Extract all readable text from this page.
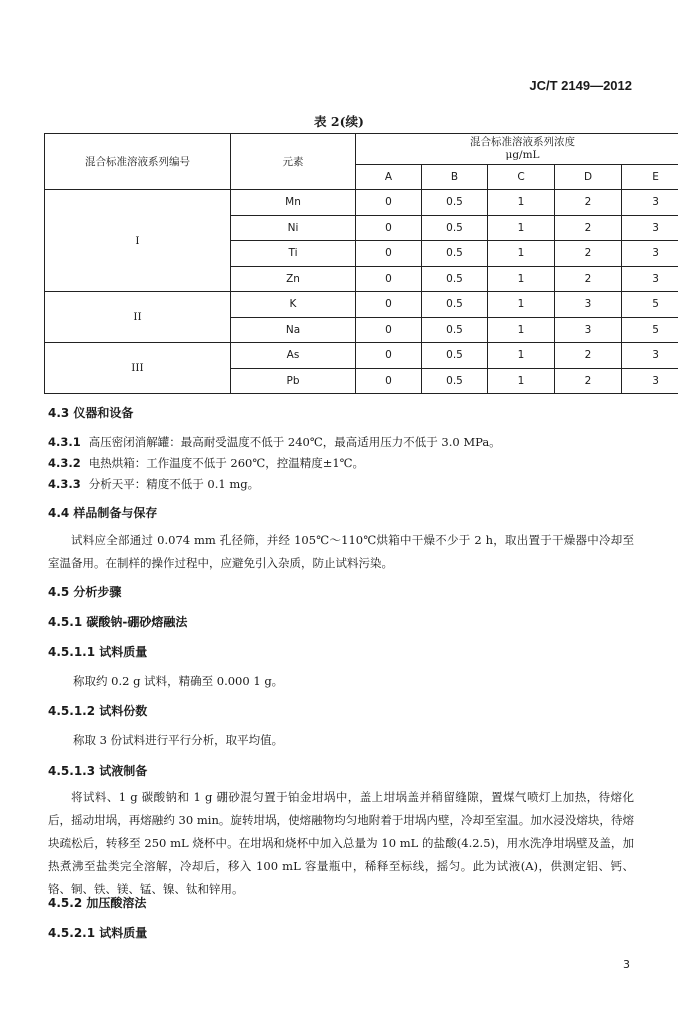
JC/T 2149—2012
表 2(续)
混合标准溶液系列编号	元素	混合标准溶液系列浓度
μg/mL				

		A	B	C	D	E
I	Mn	0	0.5	1	2	3
	Ni	0	0.5	1	2	3
	Ti	0	0.5	1	2	3
	Zn	0	0.5	1	2	3
II	K	0	0.5	1	3	5
	Na	0	0.5	1	3	5
III	As	0	0.5	1	2	3
	Pb	0	0.5	1	2	3
4.3 仪器和设备
4.3.1 高压密闭消解罐：最高耐受温度不低于 240℃，最高适用压力不低于 3.0 MPa。
4.3.2 电热烘箱：工作温度不低于 260℃，控温精度±1℃。
4.3.3 分析天平：精度不低于 0.1 mg。
4.4 样品制备与保存
试料应全部通过 0.074 mm 孔径筛，并经 105℃～110℃烘箱中干燥不少于 2 h，取出置于干燥器中冷却至室温备用。在制样的操作过程中，应避免引入杂质，防止试料污染。
4.5 分析步骤
4.5.1 碳酸钠-硼砂熔融法
4.5.1.1 试料质量
称取约 0.2 g 试料，精确至 0.000 1 g。
4.5.1.2 试料份数
称取 3 份试料进行平行分析，取平均值。
4.5.1.3 试液制备
将试料、1 g 碳酸钠和 1 g 硼砂混匀置于铂金坩埚中，盖上坩埚盖并稍留缝隙，置煤气喷灯上加热，待熔化后，摇动坩埚，再熔融约 30 min。旋转坩埚，使熔融物均匀地附着于坩埚内壁，冷却至室温。加水浸没熔块，待熔块疏松后，转移至 250 mL 烧杯中。在坩埚和烧杯中加入总量为 10 mL 的盐酸(4.2.5)，用水洗净坩埚壁及盖，加热煮沸至盐类完全溶解，冷却后，移入 100 mL 容量瓶中，稀释至标线，摇匀。此为试液(A)，供测定铝、钙、铬、铜、铁、镁、锰、镍、钛和锌用。
4.5.2 加压酸溶法
4.5.2.1 试料质量
3
